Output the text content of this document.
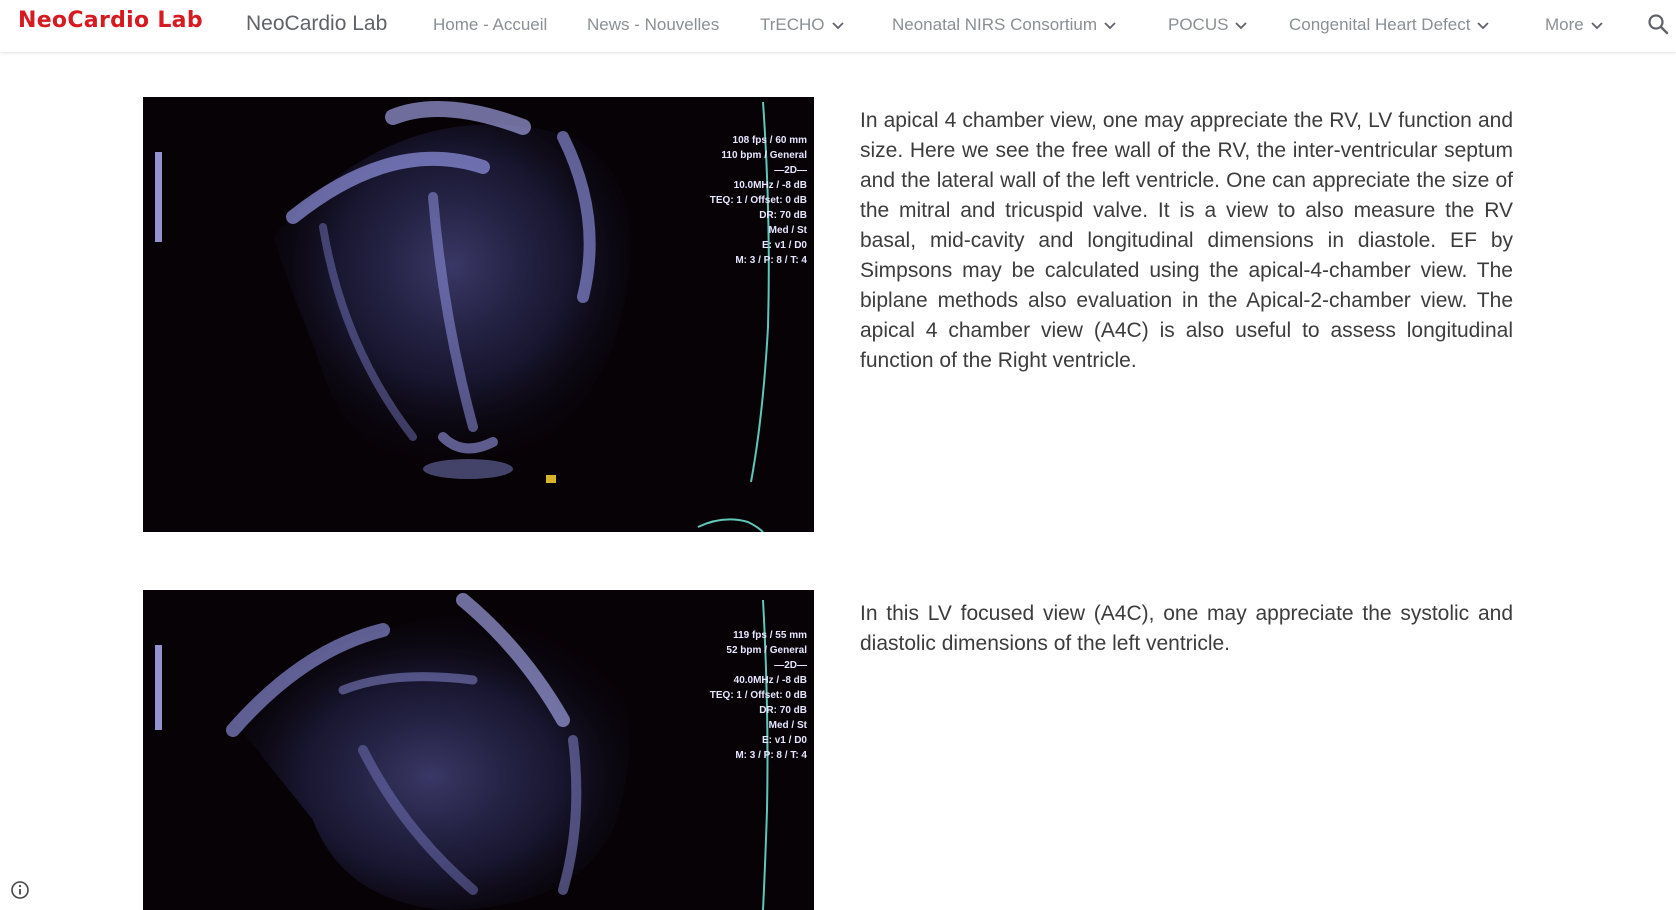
NeoCardio Lab NeoCardio Lab	Home - Accueil News - Nouvelles TrECHO	Neonatal NIRS Consortium	POCUS	Congenital Heart Defect	More
108 fps / 60 mm
110 bpm / General
—2D—
10.0MHz / -8 dB
TEQ: 1 / Offset: 0 dB
DR: 70 dB
Med / St
E: v1 / D0
M: 3 / P: 8 / T: 4

In apical 4 chamber view, one may appreciate the RV, LV function and size. Here we see the free wall of the RV, the inter-ventricular septum and the lateral wall of the left ventricle. One can appreciate the size of the mitral and tricuspid valve. It is a view to also measure the RV basal, mid-cavity and longitudinal dimensions in diastole. EF by Simpsons may be calculated using the apical-4-chamber view. The biplane methods also evaluation in the Apical-2-chamber view. The apical 4 chamber view (A4C) is also useful to assess longitudinal function of the Right ventricle.

119 fps / 55 mm
52 bpm / General
—2D—
40.0MHz / -8 dB
TEQ: 1 / Offset: 0 dB
DR: 70 dB
Med / St
E: v1 / D0
M: 3 / P: 8 / T: 4

In this LV focused view (A4C), one may appreciate the systolic and diastolic dimensions of the left ventricle.
